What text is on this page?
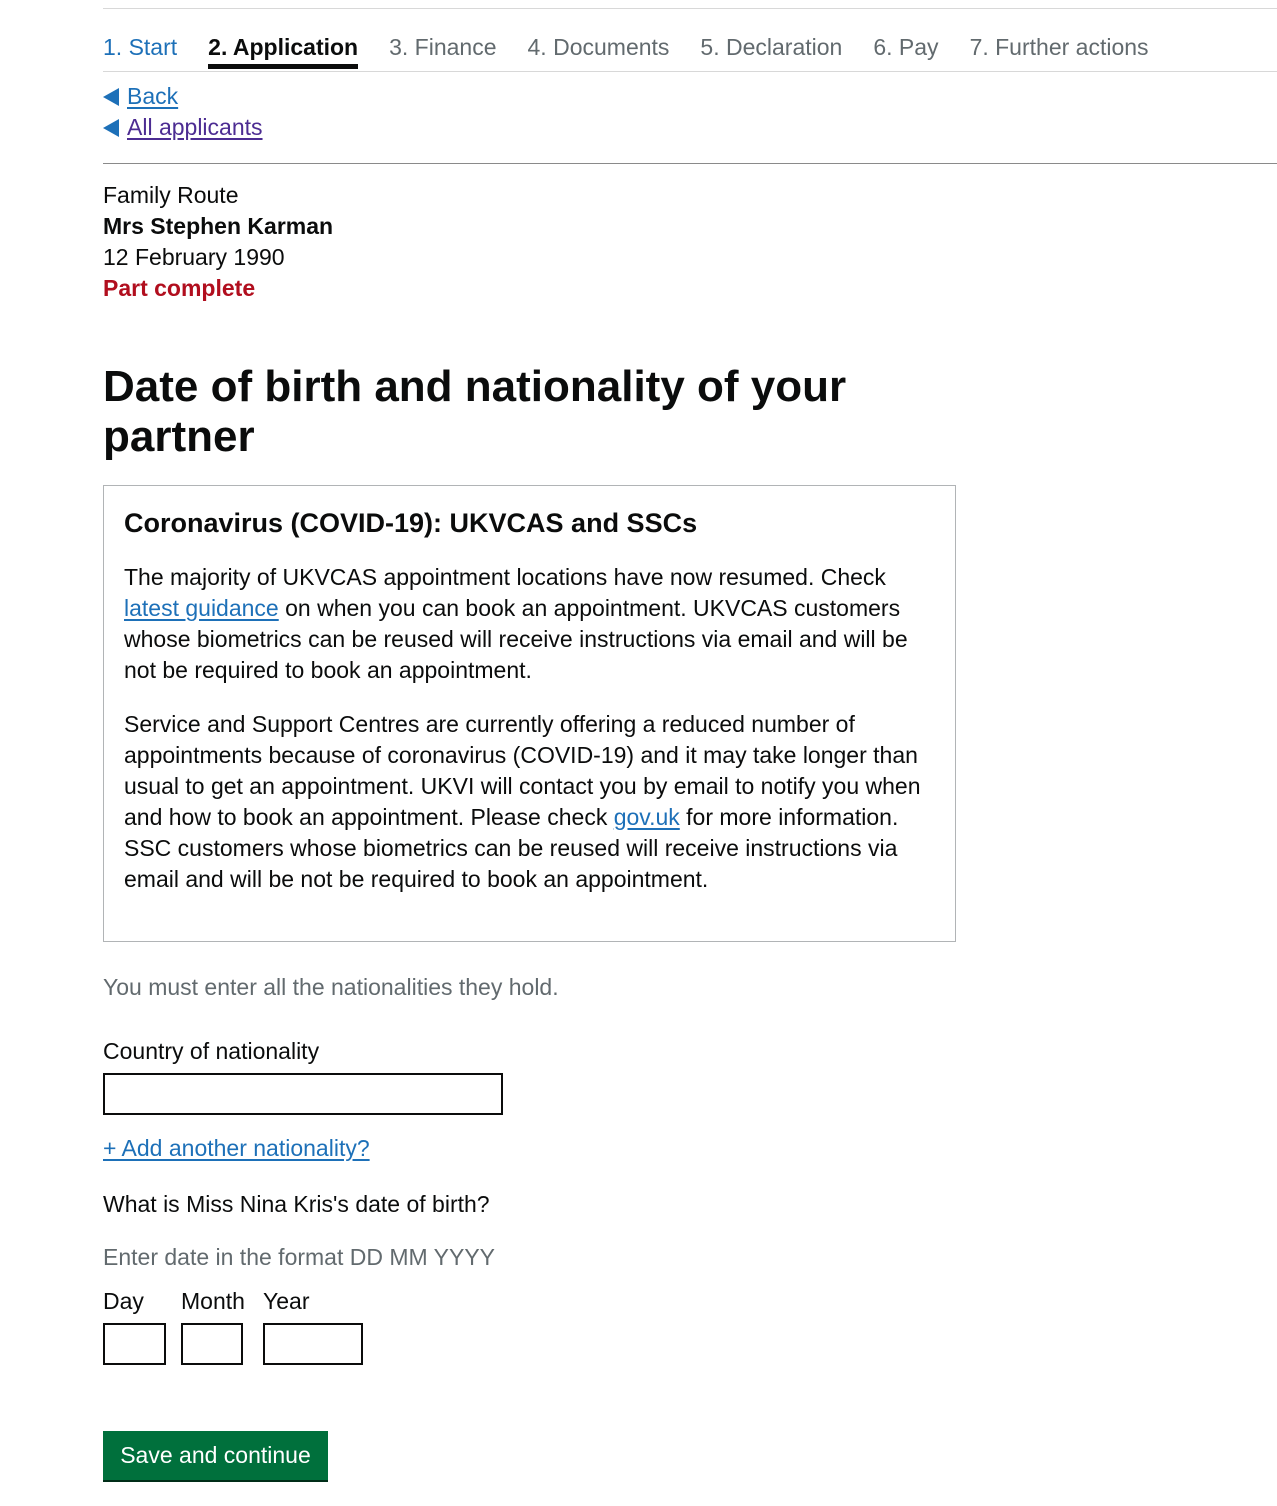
1. Start 2. Application 3. Finance 4. Documents 5. Declaration 6. Pay 7. Further actions
Back
All applicants
Family Route
Mrs Stephen Karman
12 February 1990
Part complete
Date of birth and nationality of your partner
Coronavirus (COVID-19): UKVCAS and SSCs

The majority of UKVCAS appointment locations have now resumed. Check latest guidance on when you can book an appointment. UKVCAS customers whose biometrics can be reused will receive instructions via email and will be not be required to book an appointment.

Service and Support Centres are currently offering a reduced number of appointments because of coronavirus (COVID-19) and it may take longer than usual to get an appointment. UKVI will contact you by email to notify you when and how to book an appointment. Please check gov.uk for more information. SSC customers whose biometrics can be reused will receive instructions via email and will be not be required to book an appointment.

You must enter all the nationalities they hold.
Country of nationality
+ Add another nationality?
What is Miss Nina Kris's date of birth?
Enter date in the format DD MM YYYY
Day Month Year
Save and continue
